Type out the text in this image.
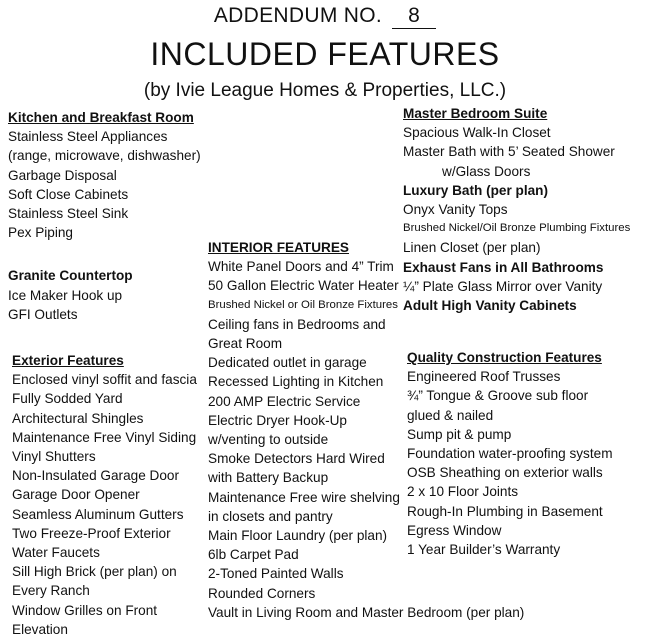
ADDENDUM NO. 8
INCLUDED FEATURES
(by Ivie League Homes & Properties, LLC.)
Kitchen and Breakfast Room
Stainless Steel Appliances
(range, microwave, dishwasher)
Garbage Disposal
Soft Close Cabinets
Stainless Steel Sink
Pex Piping
Granite Countertop
Ice Maker Hook up
GFI Outlets
Exterior Features
Enclosed vinyl soffit and fascia
Fully Sodded Yard
Architectural Shingles
Maintenance Free Vinyl Siding
Vinyl Shutters
Non-Insulated Garage Door
Garage Door Opener
Seamless Aluminum Gutters
Two Freeze-Proof Exterior
Water Faucets
Sill High Brick (per plan) on
Every Ranch
Window Grilles on Front
Elevation
INTERIOR FEATURES
White Panel Doors and 4” Trim
50 Gallon Electric Water Heater
Brushed Nickel or Oil Bronze Fixtures
Ceiling fans in Bedrooms and
Great Room
Dedicated outlet in garage
Recessed Lighting in Kitchen
200 AMP Electric Service
Electric Dryer Hook-Up
w/venting to outside
Smoke Detectors Hard Wired
with Battery Backup
Maintenance Free wire shelving
in closets and pantry
Main Floor Laundry (per plan)
6lb Carpet Pad
2-Toned Painted Walls
Rounded Corners
Vault in Living Room and Master Bedroom (per plan)
Master Bedroom Suite
Spacious Walk-In Closet
Master Bath with 5’ Seated Shower
w/Glass Doors
Luxury Bath (per plan)
Onyx Vanity Tops
Brushed Nickel/Oil Bronze Plumbing Fixtures
Linen Closet (per plan)
Exhaust Fans in All Bathrooms
¼” Plate Glass Mirror over Vanity
Adult High Vanity Cabinets
Quality Construction Features
Engineered Roof Trusses
¾” Tongue & Groove sub floor
glued & nailed
Sump pit & pump
Foundation water-proofing system
OSB Sheathing on exterior walls
2 x 10 Floor Joints
Rough-In Plumbing in Basement
Egress Window
1 Year Builder’s Warranty
